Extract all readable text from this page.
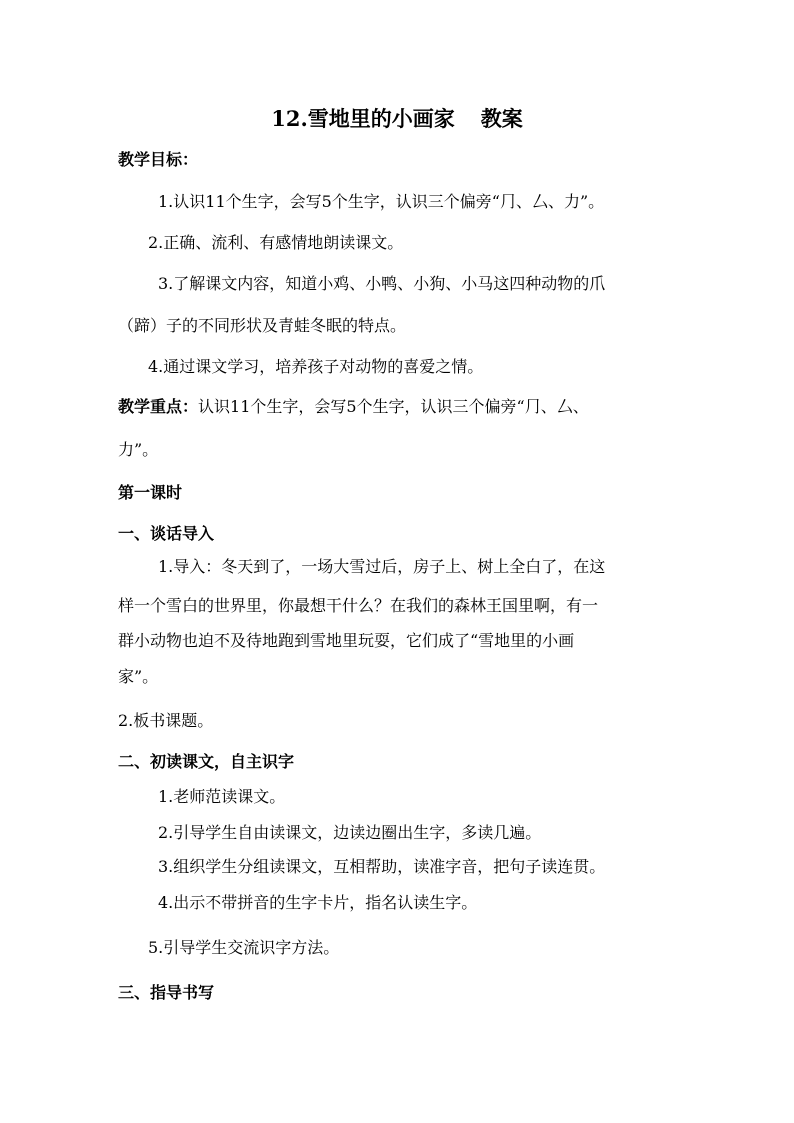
12.雪地里的小画家 教案

教学目标：

1.认识11个生字，会写5个生字，认识三个偏旁“⺆、厶、力”。

2.正确、流利、有感情地朗读课文。

3.了解课文内容，知道小鸡、小鸭、小狗、小马这四种动物的爪

（蹄）子的不同形状及青蛙冬眠的特点。

4.通过课文学习，培养孩子对动物的喜爱之情。

教学重点：认识11个生字，会写5个生字，认识三个偏旁“⺆、厶、

力”。

第一课时

一、谈话导入

1.导入：冬天到了，一场大雪过后，房子上、树上全白了，在这

样一个雪白的世界里，你最想干什么？在我们的森林王国里啊，有一

群小动物也迫不及待地跑到雪地里玩耍，它们成了“雪地里的小画

家”。

2.板书课题。

二、初读课文，自主识字

1.老师范读课文。

2.引导学生自由读课文，边读边圈出生字，多读几遍。

3.组织学生分组读课文，互相帮助，读准字音，把句子读连贯。

4.出示不带拼音的生字卡片，指名认读生字。

5.引导学生交流识字方法。

三、指导书写
